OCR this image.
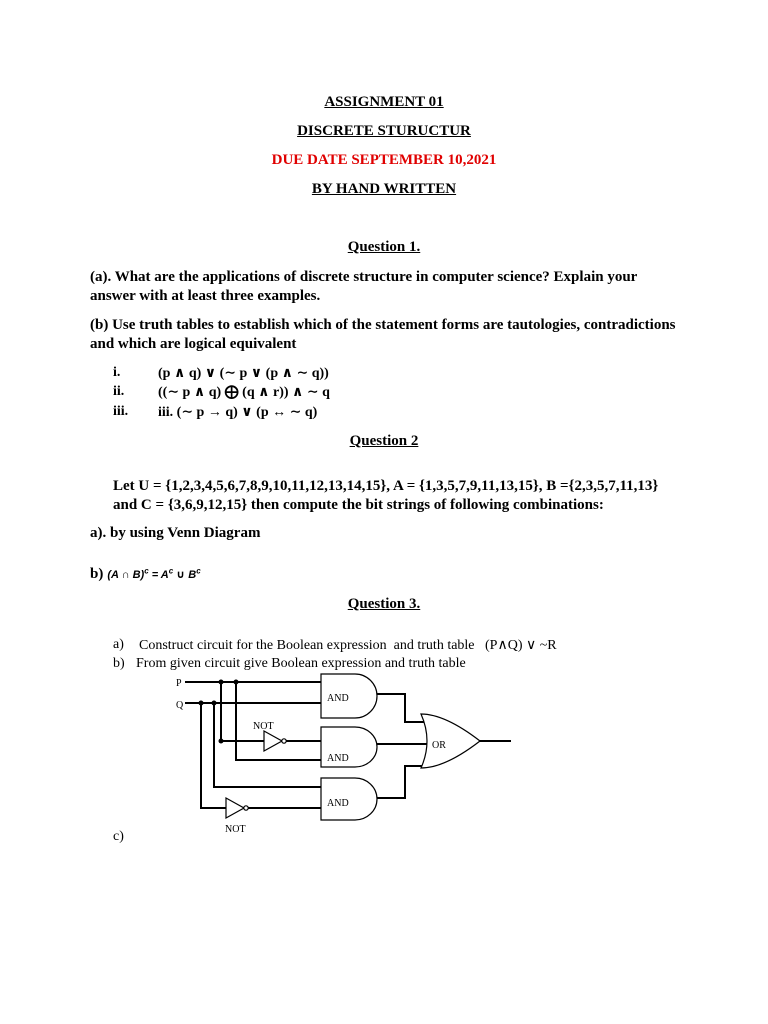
ASSIGNMENT 01
DISCRETE STURUCTUR
DUE DATE SEPTEMBER 10,2021
BY HAND WRITTEN
Question 1.
(a). What are the applications of discrete structure in computer science? Explain your answer with at least three examples.
(b) Use truth tables to establish which of the statement forms are tautologies, contradictions and which are logical equivalent
i.	(p ∧ q) ∨ (∼ p ∨ (p ∧ ∼ q))
ii. ((∼ p ∧ q) ⨁ (q ∧ r)) ∧ ∼ q
iii. iii. (∼ p → q) ∨ (p ↔ ∼ q)
Question 2
Let U = {1,2,3,4,5,6,7,8,9,10,11,12,13,14,15}, A = {1,3,5,7,9,11,13,15}, B ={2,3,5,7,11,13} and C = {3,6,9,12,15} then compute the bit strings of following combinations:
a). by using Venn Diagram
b) (A ∩ $B)^c = A^c$ ∪ $B^c$
Question 3.
a) Construct circuit for the Boolean expression  and truth table   (P∧Q) ∨ ~R
b) From given circuit give Boolean expression and truth table
c)
P
Q
AND
AND
AND
OR
NOT
NOT
